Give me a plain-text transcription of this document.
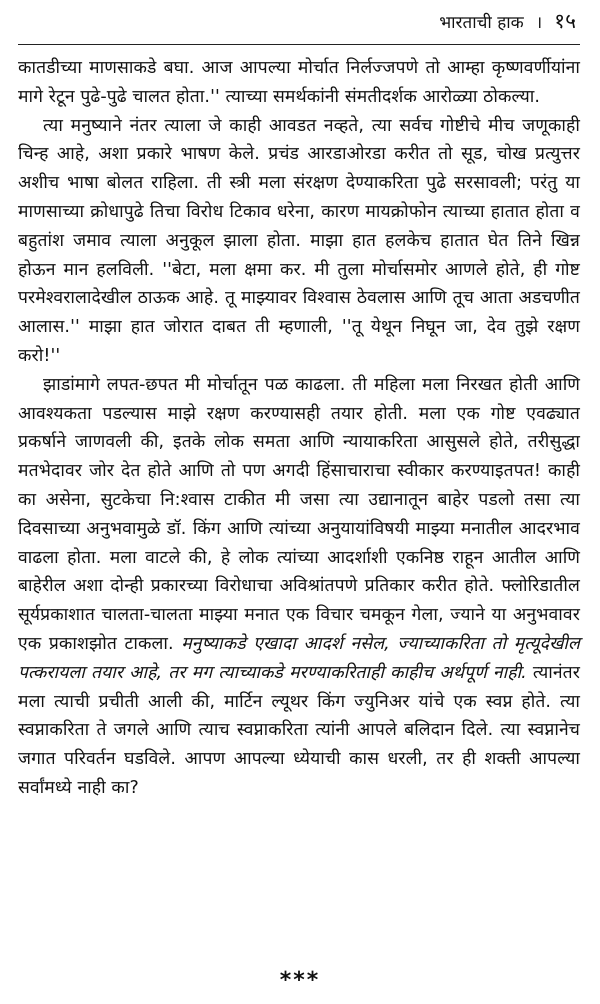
भारताची हाक । १५

कातडीच्या माणसाकडे बघा. आज आपल्या मोर्चात निर्लज्जपणे तो आम्हा कृष्णवर्णीयांना मागे रेटून पुढे-पुढे चालत होता.'' त्याच्या समर्थकांनी संमतीदर्शक आरोळ्या ठोकल्या.

त्या मनुष्याने नंतर त्याला जे काही आवडत नव्हते, त्या सर्वच गोष्टीचे मीच जणूकाही चिन्ह आहे, अशा प्रकारे भाषण केले. प्रचंड आरडाओरडा करीत तो सूड, चोख प्रत्युत्तर अशीच भाषा बोलत राहिला. ती स्त्री मला संरक्षण देण्याकरिता पुढे सरसावली; परंतु या माणसाच्या क्रोधापुढे तिचा विरोध टिकाव धरेना, कारण मायक्रोफोन त्याच्या हातात होता व बहुतांश जमाव त्याला अनुकूल झाला होता. माझा हात हलकेच हातात घेत तिने खिन्न होऊन मान हलविली. ''बेटा, मला क्षमा कर. मी तुला मोर्चासमोर आणले होते, ही गोष्ट परमेश्वरालादेखील ठाऊक आहे. तू माझ्यावर विश्वास ठेवलास आणि तूच आता अडचणीत आलास.'' माझा हात जोरात दाबत ती म्हणाली, ''तू येथून निघून जा, देव तुझे रक्षण करो!''

झाडांमागे लपत-छपत मी मोर्चातून पळ काढला. ती महिला मला निरखत होती आणि आवश्यकता पडल्यास माझे रक्षण करण्यासही तयार होती. मला एक गोष्ट एवढ्यात प्रकर्षाने जाणवली की, इतके लोक समता आणि न्यायाकरिता आसुसले होते, तरीसुद्धा मतभेदावर जोर देत होते आणि तो पण अगदी हिंसाचाराचा स्वीकार करण्याइतपत! काही का असेना, सुटकेचा नि:श्वास टाकीत मी जसा त्या उद्यानातून बाहेर पडलो तसा त्या दिवसाच्या अनुभवामुळे डॉ. किंग आणि त्यांच्या अनुयायांविषयी माझ्या मनातील आदरभाव वाढला होता. मला वाटले की, हे लोक त्यांच्या आदर्शाशी एकनिष्ठ राहून आतील आणि बाहेरील अशा दोन्ही प्रकारच्या विरोधाचा अविश्रांतपणे प्रतिकार करीत होते. फ्लोरिडातील सूर्यप्रकाशात चालता-चालता माझ्या मनात एक विचार चमकून गेला, ज्याने या अनुभवावर एक प्रकाशझोत टाकला. मनुष्याकडे एखादा आदर्श नसेल, ज्याच्याकरिता तो मृत्यूदेखील पत्करायला तयार आहे, तर मग त्याच्याकडे मरण्याकरिताही काहीच अर्थपूर्ण नाही. त्यानंतर मला त्याची प्रचीती आली की, मार्टिन ल्यूथर किंग ज्युनिअर यांचे एक स्वप्न होते. त्या स्वप्नाकरिता ते जगले आणि त्याच स्वप्नाकरिता त्यांनी आपले बलिदान दिले. त्या स्वप्नानेच जगात परिवर्तन घडविले. आपण आपल्या ध्येयाची कास धरली, तर ही शक्ती आपल्या सर्वांमध्ये नाही का?

***
